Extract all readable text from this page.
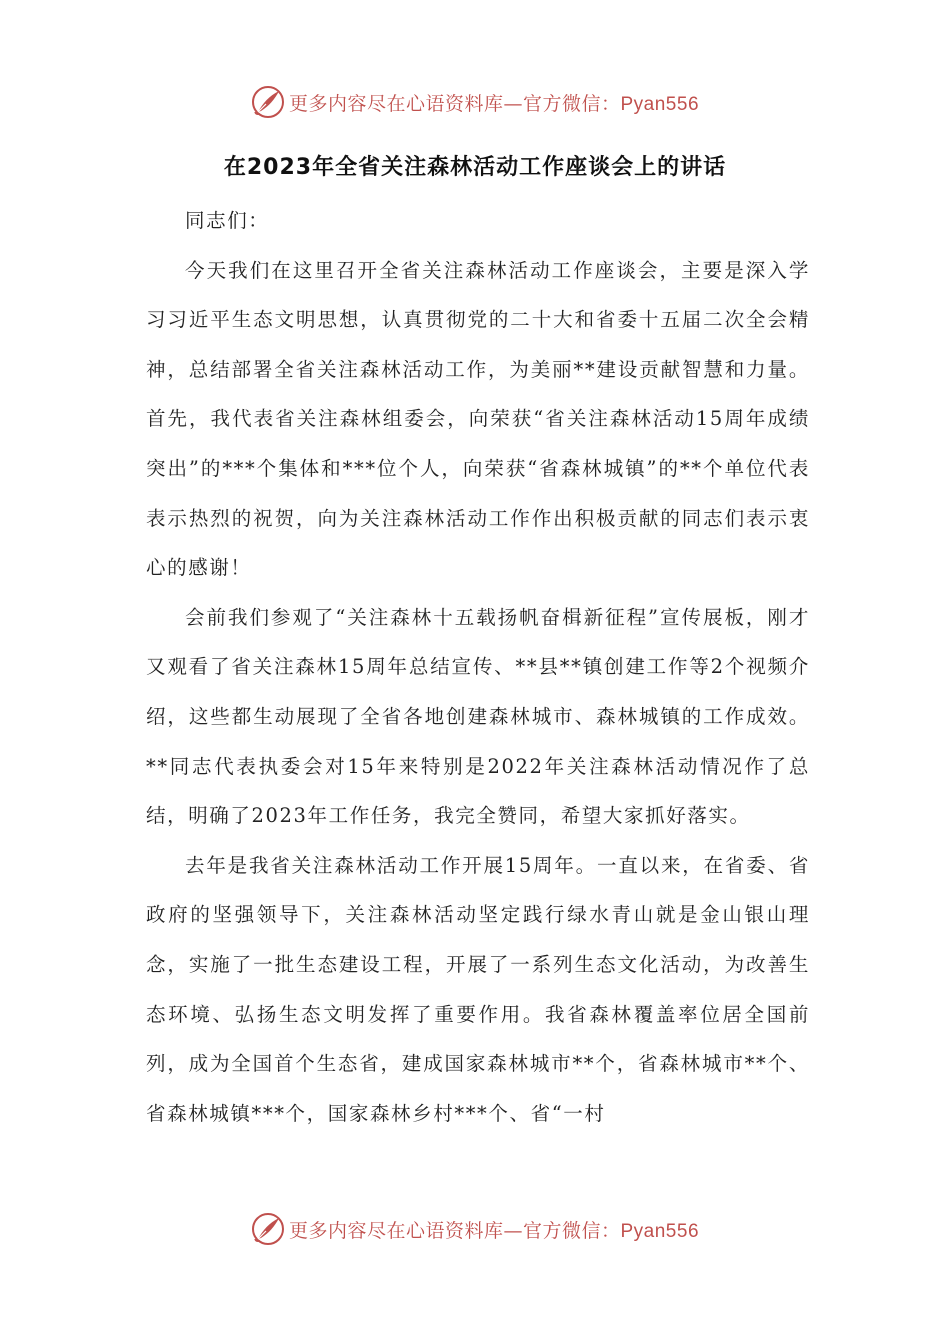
更多内容尽在心语资料库—官方微信：Pyan556
在2023年全省关注森林活动工作座谈会上的讲话

同志们：

今天我们在这里召开全省关注森林活动工作座谈会，主要是深入学习习近平生态文明思想，认真贯彻党的二十大和省委十五届二次全会精神，总结部署全省关注森林活动工作，为美丽**建设贡献智慧和力量。首先，我代表省关注森林组委会，向荣获“省关注森林活动15周年成绩突出”的***个集体和***位个人，向荣获“省森林城镇”的**个单位代表表示热烈的祝贺，向为关注森林活动工作作出积极贡献的同志们表示衷心的感谢！

会前我们参观了“关注森林十五载扬帆奋楫新征程”宣传展板，刚才又观看了省关注森林15周年总结宣传、**县**镇创建工作等2个视频介绍，这些都生动展现了全省各地创建森林城市、森林城镇的工作成效。**同志代表执委会对15年来特别是2022年关注森林活动情况作了总结，明确了2023年工作任务，我完全赞同，希望大家抓好落实。

去年是我省关注森林活动工作开展15周年。一直以来，在省委、省政府的坚强领导下，关注森林活动坚定践行绿水青山就是金山银山理念，实施了一批生态建设工程，开展了一系列生态文化活动，为改善生态环境、弘扬生态文明发挥了重要作用。我省森林覆盖率位居全国前列，成为全国首个生态省，建成国家森林城市**个，省森林城市**个、省森林城镇***个，国家森林乡村***个、省“一村

更多内容尽在心语资料库—官方微信：Pyan556
